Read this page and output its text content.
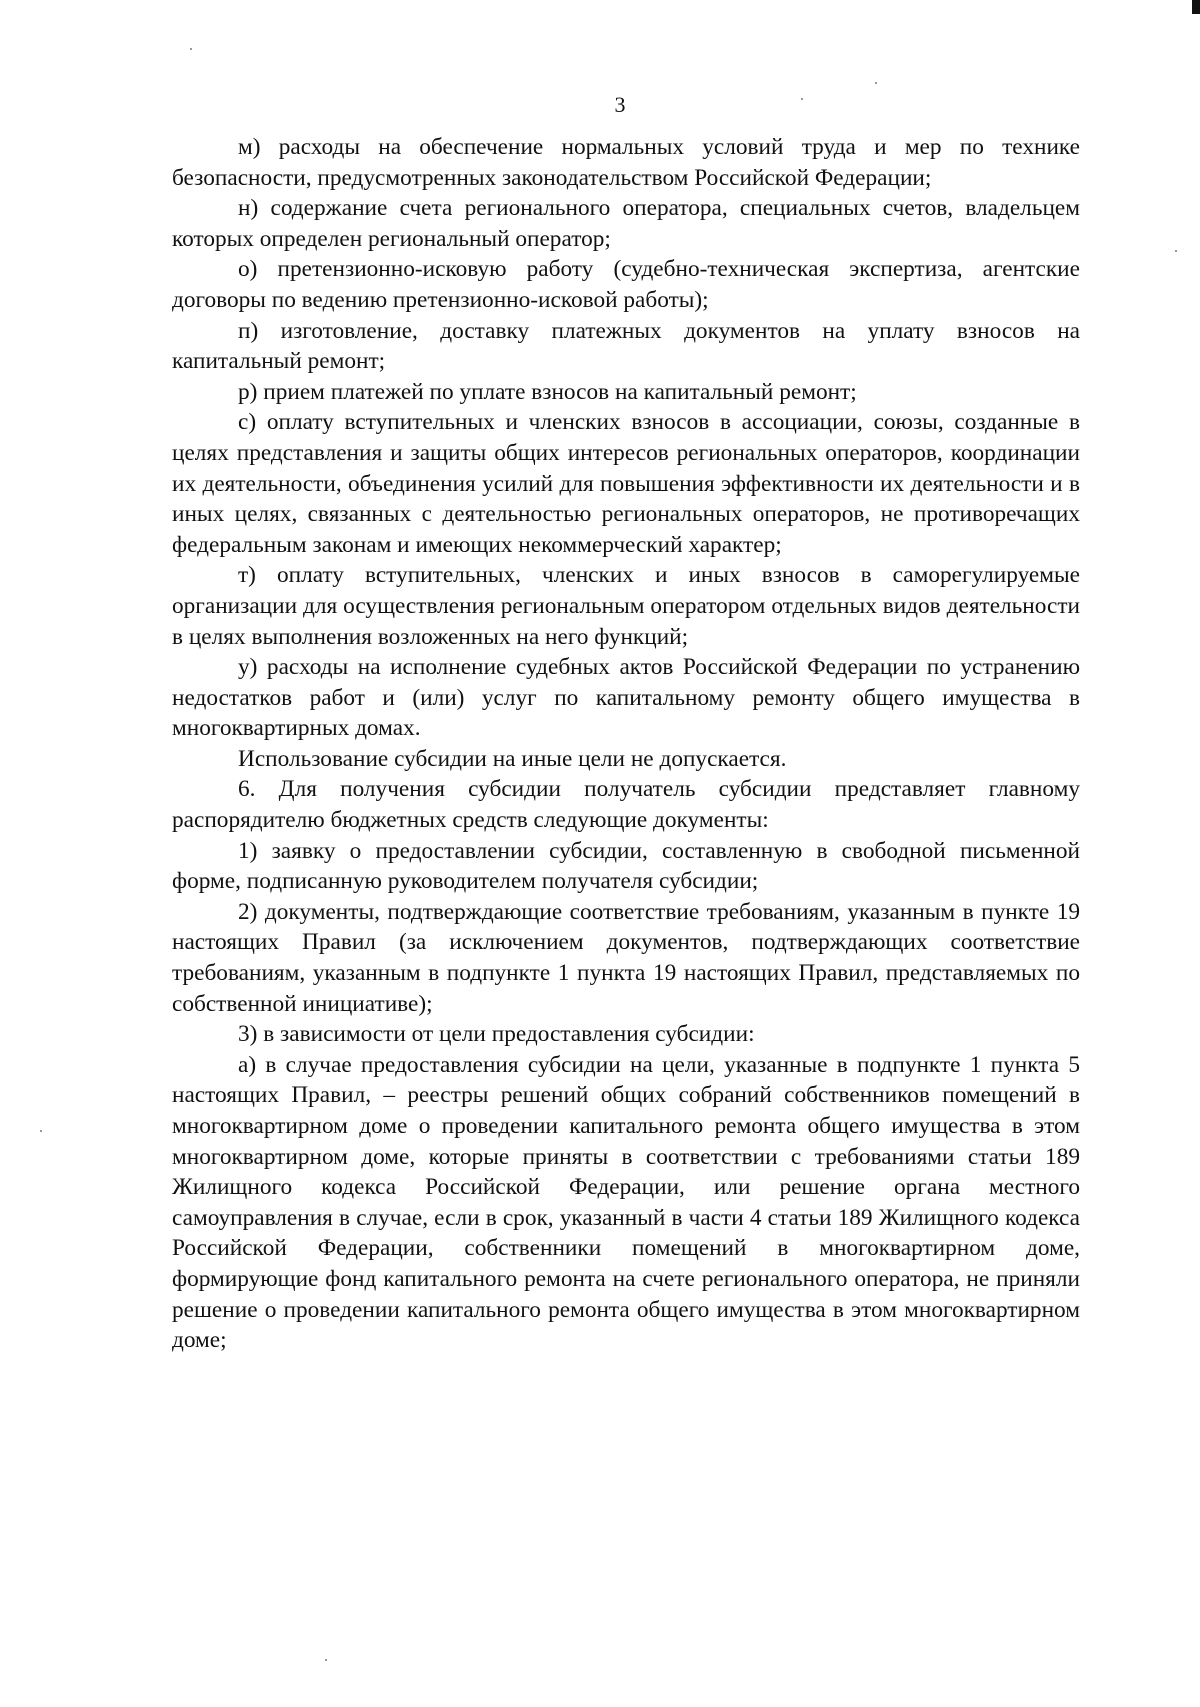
3

м) расходы на обеспечение нормальных условий труда и мер по технике безопасности, предусмотренных законодательством Российской Федерации;

н) содержание счета регионального оператора, специальных счетов, владельцем которых определен региональный оператор;

о) претензионно-исковую работу (судебно-техническая экспертиза, агентские договоры по ведению претензионно-исковой работы);

п) изготовление, доставку платежных документов на уплату взносов на капитальный ремонт;

р) прием платежей по уплате взносов на капитальный ремонт;

с) оплату вступительных и членских взносов в ассоциации, союзы, созданные в целях представления и защиты общих интересов региональных операторов, координации их деятельности, объединения усилий для повышения эффективности их деятельности и в иных целях, связанных с деятельностью региональных операторов, не противоречащих федеральным законам и имеющих некоммерческий характер;

т) оплату вступительных, членских и иных взносов в саморегулируемые организации для осуществления региональным оператором отдельных видов деятельности в целях выполнения возложенных на него функций;

у) расходы на исполнение судебных актов Российской Федерации по устранению недостатков работ и (или) услуг по капитальному ремонту общего имущества в многоквартирных домах.

Использование субсидии на иные цели не допускается.

6. Для получения субсидии получатель субсидии представляет главному распорядителю бюджетных средств следующие документы:

1) заявку о предоставлении субсидии, составленную в свободной письменной форме, подписанную руководителем получателя субсидии;

2) документы, подтверждающие соответствие требованиям, указанным в пункте 19 настоящих Правил (за исключением документов, подтверждающих соответствие требованиям, указанным в подпункте 1 пункта 19 настоящих Правил, представляемых по собственной инициативе);

3) в зависимости от цели предоставления субсидии:

а) в случае предоставления субсидии на цели, указанные в подпункте 1 пункта 5 настоящих Правил, – реестры решений общих собраний собственников помещений в многоквартирном доме о проведении капитального ремонта общего имущества в этом многоквартирном доме, которые приняты в соответствии с требованиями статьи 189 Жилищного кодекса Российской Федерации, или решение органа местного самоуправления в случае, если в срок, указанный в части 4 статьи 189 Жилищного кодекса Российской Федерации, собственники помещений в многоквартирном доме, формирующие фонд капитального ремонта на счете регионального оператора, не приняли решение о проведении капитального ремонта общего имущества в этом многоквартирном доме;
